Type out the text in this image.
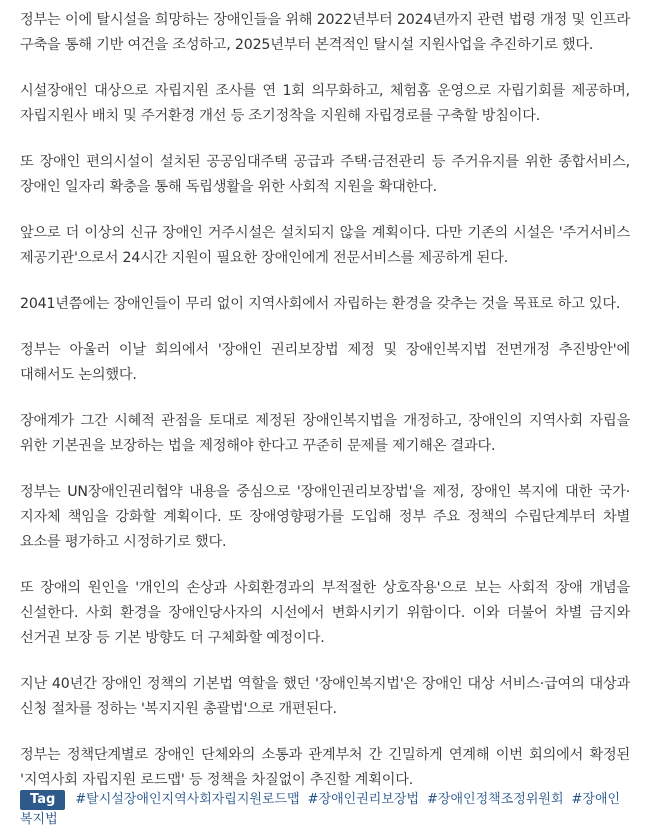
정부는 이에 탈시설을 희망하는 장애인들을 위해 2022년부터 2024년까지 관련 법령 개정 및 인프라 구축을 통해 기반 여건을 조성하고, 2025년부터 본격적인 탈시설 지원사업을 추진하기로 했다.

시설장애인 대상으로 자립지원 조사를 연 1회 의무화하고, 체험홈 운영으로 자립기회를 제공하며, 자립지원사 배치 및 주거환경 개선 등 조기정착을 지원해 자립경로를 구축할 방침이다.

또 장애인 편의시설이 설치된 공공임대주택 공급과 주택·금전관리 등 주거유지를 위한 종합서비스, 장애인 일자리 확충을 통해 독립생활을 위한 사회적 지원을 확대한다.

앞으로 더 이상의 신규 장애인 거주시설은 설치되지 않을 계획이다. 다만 기존의 시설은 '주거서비스 제공기관'으로서 24시간 지원이 필요한 장애인에게 전문서비스를 제공하게 된다.

2041년쯤에는 장애인들이 무리 없이 지역사회에서 자립하는 환경을 갖추는 것을 목표로 하고 있다.

정부는 아울러 이날 회의에서 '장애인 권리보장법 제정 및 장애인복지법 전면개정 추진방안'에 대해서도 논의했다.

장애계가 그간 시혜적 관점을 토대로 제정된 장애인복지법을 개정하고, 장애인의 지역사회 자립을 위한 기본권을 보장하는 법을 제정해야 한다고 꾸준히 문제를 제기해온 결과다.

정부는 UN장애인권리협약 내용을 중심으로 '장애인권리보장법'을 제정, 장애인 복지에 대한 국가·지자체 책임을 강화할 계획이다. 또 장애영향평가를 도입해 정부 주요 정책의 수립단계부터 차별 요소를 평가하고 시정하기로 했다.

또 장애의 원인을 '개인의 손상과 사회환경과의 부적절한 상호작용'으로 보는 사회적 장애 개념을 신설한다. 사회 환경을 장애인당사자의 시선에서 변화시키기 위함이다. 이와 더불어 차별 금지와 선거권 보장 등 기본 방향도 더 구체화할 예정이다.

지난 40년간 장애인 정책의 기본법 역할을 했던 '장애인복지법'은 장애인 대상 서비스·급여의 대상과 신청 절차를 정하는 '복지지원 총괄법'으로 개편된다.

정부는 정책단계별로 장애인 단체와의 소통과 관계부처 간 긴밀하게 연계해 이번 회의에서 확정된 '지역사회 자립지원 로드맵' 등 정책을 차질없이 추진할 계획이다.

Tag #탈시설장애인지역사회자립지원로드맵 #장애인권리보장법 #장애인정책조정위원회 #장애인복지법
